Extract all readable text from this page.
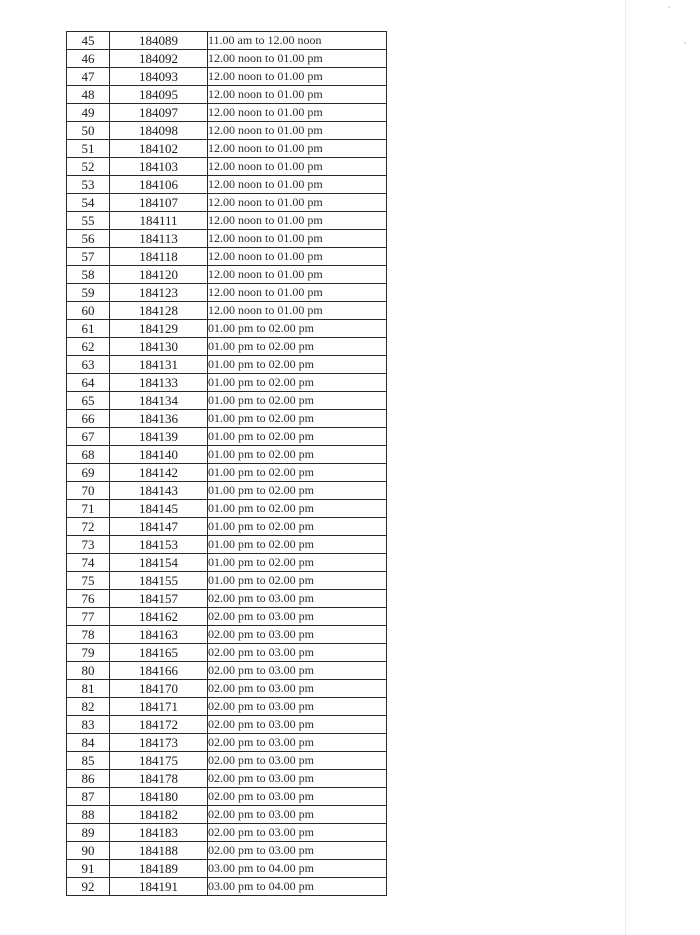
45	184089	11.00 am to 12.00 noon
46	184092	12.00 noon to 01.00 pm
47	184093	12.00 noon to 01.00 pm
48	184095	12.00 noon to 01.00 pm
49	184097	12.00 noon to 01.00 pm
50	184098	12.00 noon to 01.00 pm
51	184102	12.00 noon to 01.00 pm
52	184103	12.00 noon to 01.00 pm
53	184106	12.00 noon to 01.00 pm
54	184107	12.00 noon to 01.00 pm
55	184111	12.00 noon to 01.00 pm
56	184113	12.00 noon to 01.00 pm
57	184118	12.00 noon to 01.00 pm
58	184120	12.00 noon to 01.00 pm
59	184123	12.00 noon to 01.00 pm
60	184128	12.00 noon to 01.00 pm
61	184129	01.00 pm to 02.00 pm
62	184130	01.00 pm to 02.00 pm
63	184131	01.00 pm to 02.00 pm
64	184133	01.00 pm to 02.00 pm
65	184134	01.00 pm to 02.00 pm
66	184136	01.00 pm to 02.00 pm
67	184139	01.00 pm to 02.00 pm
68	184140	01.00 pm to 02.00 pm
69	184142	01.00 pm to 02.00 pm
70	184143	01.00 pm to 02.00 pm
71	184145	01.00 pm to 02.00 pm
72	184147	01.00 pm to 02.00 pm
73	184153	01.00 pm to 02.00 pm
74	184154	01.00 pm to 02.00 pm
75	184155	01.00 pm to 02.00 pm
76	184157	02.00 pm to 03.00 pm
77	184162	02.00 pm to 03.00 pm
78	184163	02.00 pm to 03.00 pm
79	184165	02.00 pm to 03.00 pm
80	184166	02.00 pm to 03.00 pm
81	184170	02.00 pm to 03.00 pm
82	184171	02.00 pm to 03.00 pm
83	184172	02.00 pm to 03.00 pm
84	184173	02.00 pm to 03.00 pm
85	184175	02.00 pm to 03.00 pm
86	184178	02.00 pm to 03.00 pm
87	184180	02.00 pm to 03.00 pm
88	184182	02.00 pm to 03.00 pm
89	184183	02.00 pm to 03.00 pm
90	184188	02.00 pm to 03.00 pm
91	184189	03.00 pm to 04.00 pm
92	184191	03.00 pm to 04.00 pm
